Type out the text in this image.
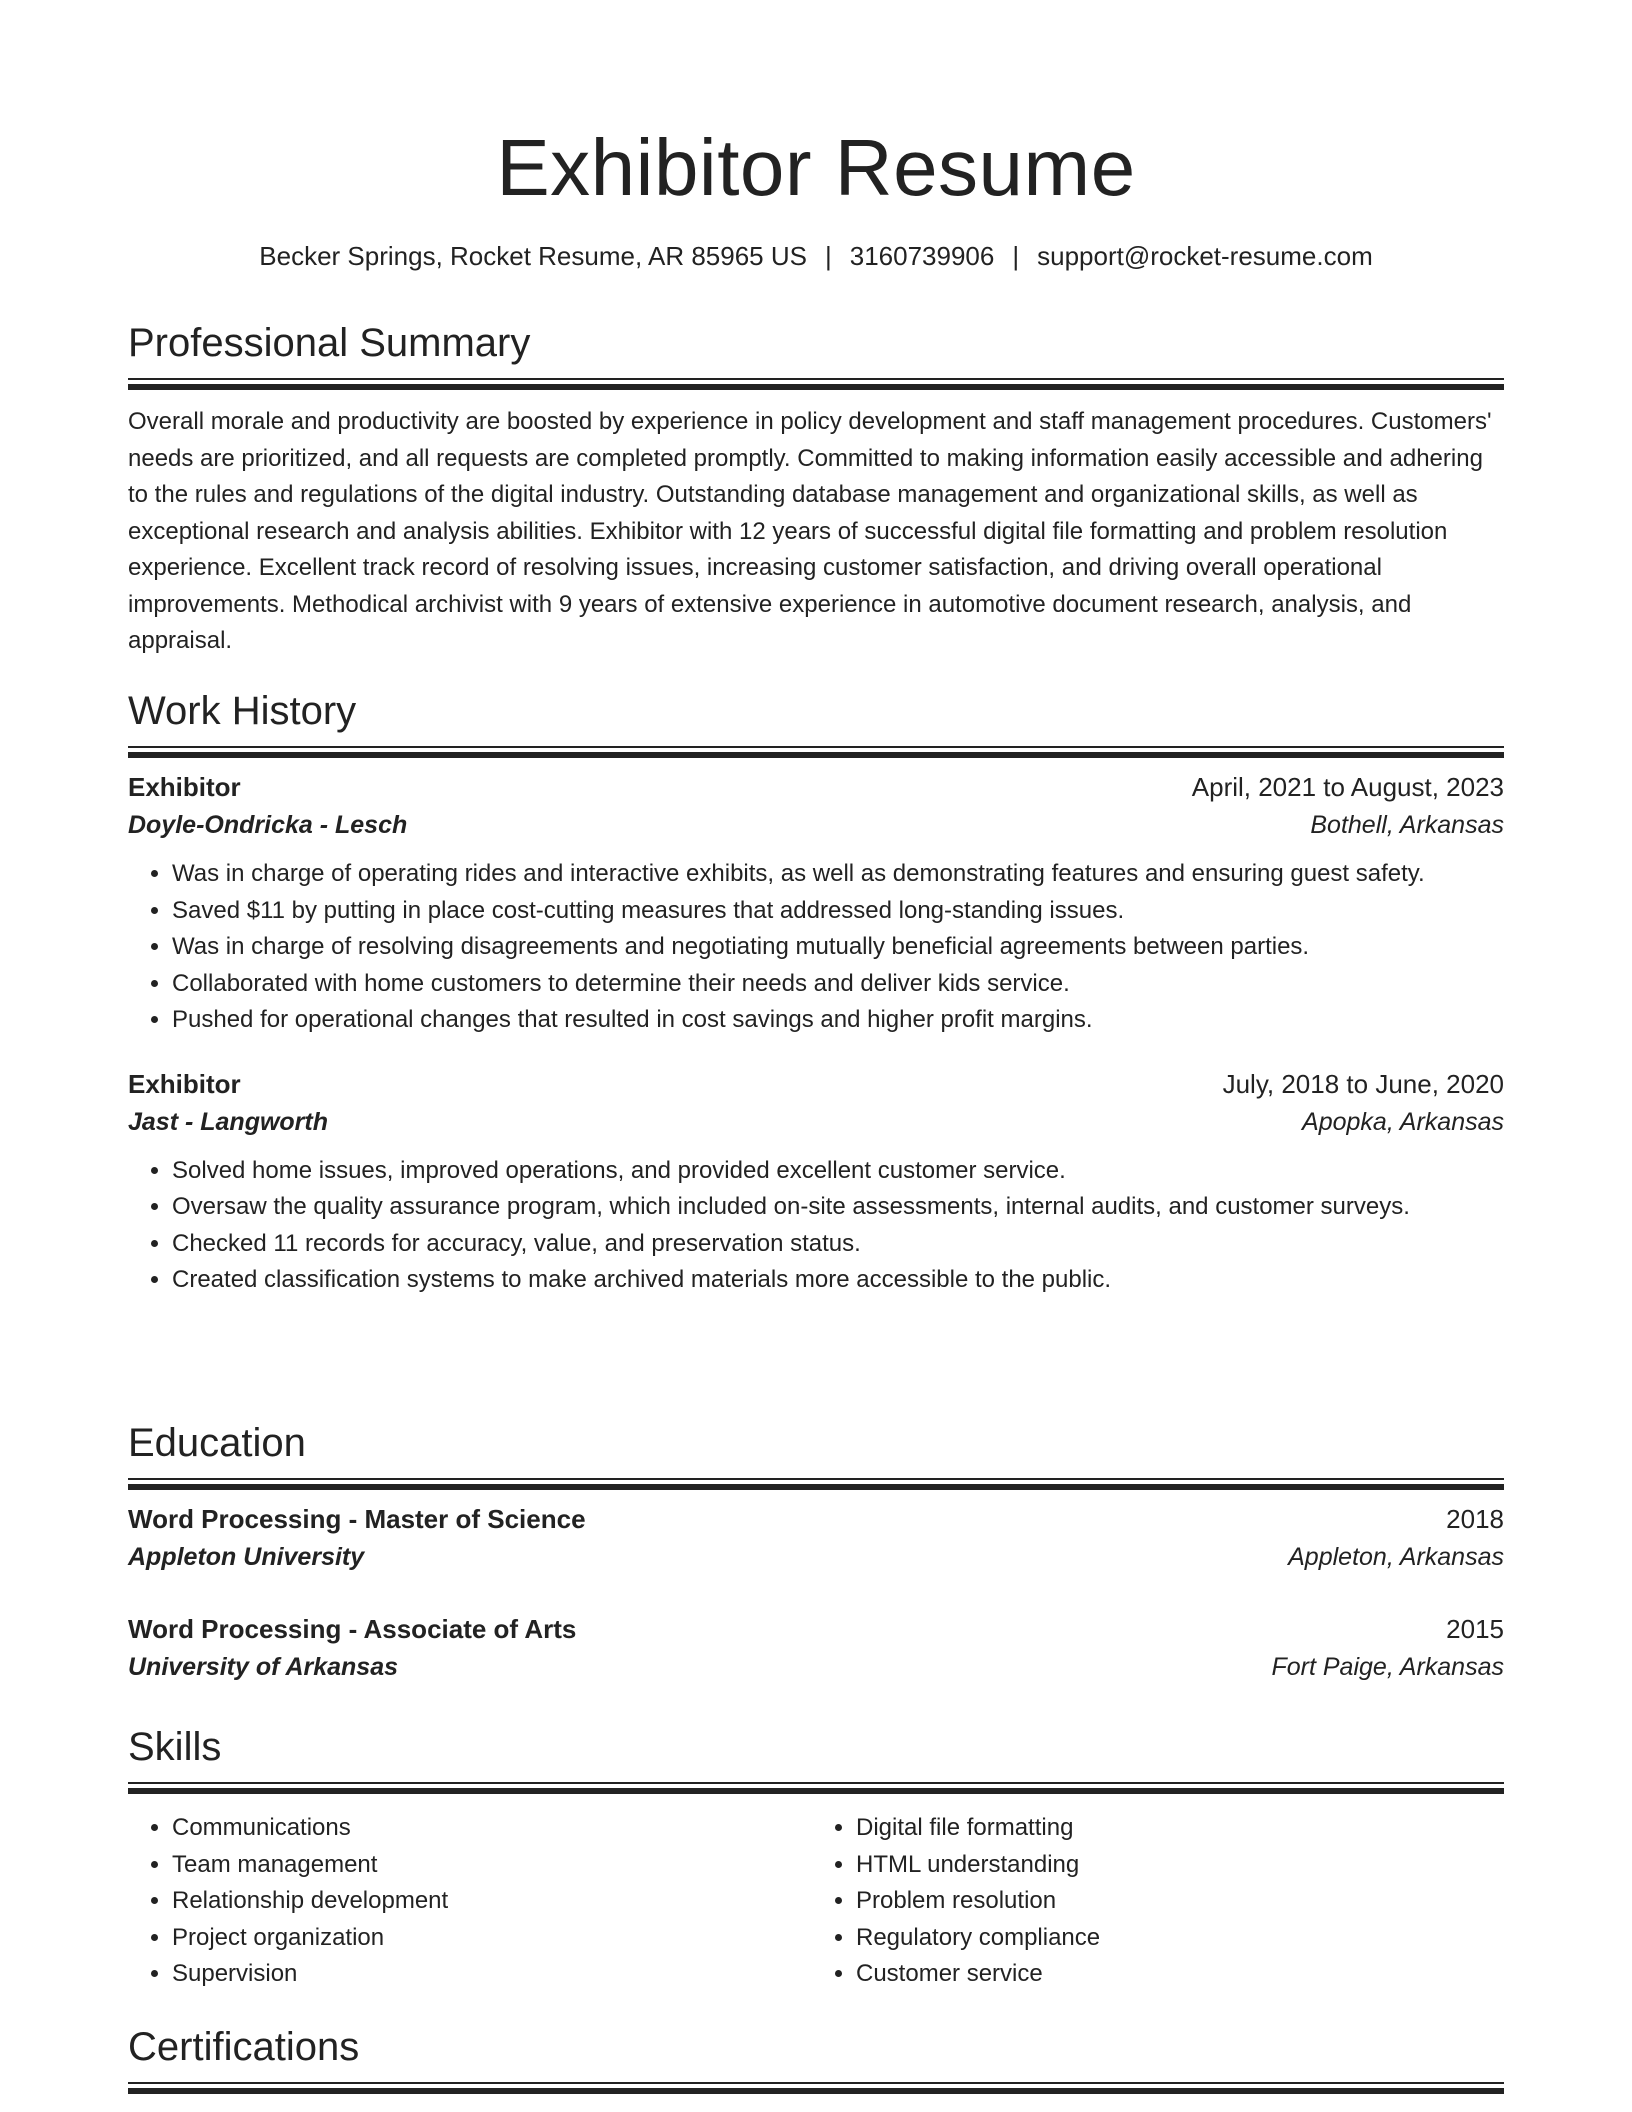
Exhibitor Resume
Becker Springs, Rocket Resume, AR 85965 US | 3160739906 | support@rocket-resume.com
Professional Summary
Overall morale and productivity are boosted by experience in policy development and staff management procedures. Customers' needs are prioritized, and all requests are completed promptly. Committed to making information easily accessible and adhering to the rules and regulations of the digital industry. Outstanding database management and organizational skills, as well as exceptional research and analysis abilities. Exhibitor with 12 years of successful digital file formatting and problem resolution experience. Excellent track record of resolving issues, increasing customer satisfaction, and driving overall operational improvements. Methodical archivist with 9 years of extensive experience in automotive document research, analysis, and appraisal.
Work History
Exhibitor	April, 2021 to August, 2023
Doyle-Ondricka - Lesch	Bothell, Arkansas
• Was in charge of operating rides and interactive exhibits, as well as demonstrating features and ensuring guest safety.
• Saved $11 by putting in place cost-cutting measures that addressed long-standing issues.
• Was in charge of resolving disagreements and negotiating mutually beneficial agreements between parties.
• Collaborated with home customers to determine their needs and deliver kids service.
• Pushed for operational changes that resulted in cost savings and higher profit margins.
Exhibitor	July, 2018 to June, 2020
Jast - Langworth	Apopka, Arkansas
• Solved home issues, improved operations, and provided excellent customer service.
• Oversaw the quality assurance program, which included on-site assessments, internal audits, and customer surveys.
• Checked 11 records for accuracy, value, and preservation status.
• Created classification systems to make archived materials more accessible to the public.
Education
Word Processing - Master of Science	2018
Appleton University	Appleton, Arkansas
Word Processing - Associate of Arts	2015
University of Arkansas	Fort Paige, Arkansas
Skills
• Communications
• Team management
• Relationship development
• Project organization
• Supervision
• Digital file formatting
• HTML understanding
• Problem resolution
• Regulatory compliance
• Customer service
Certifications
